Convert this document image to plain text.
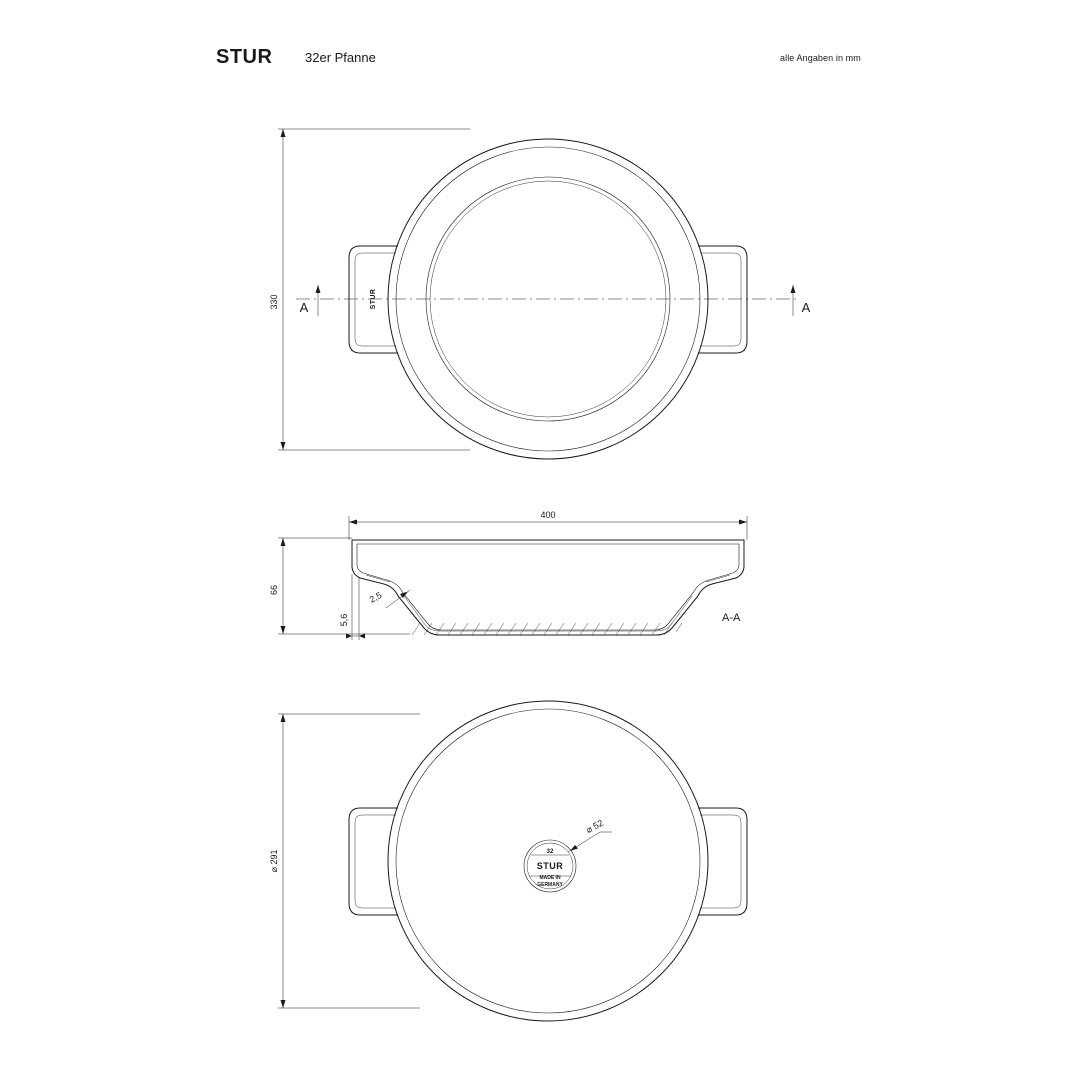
STUR	32er Pfanne	alle Angaben in mm
330	STUR
A	A
400
66	2,5
5,6	A-A
⌀ 291	32
STUR
MADE IN
GERMANY
⌀ 52
